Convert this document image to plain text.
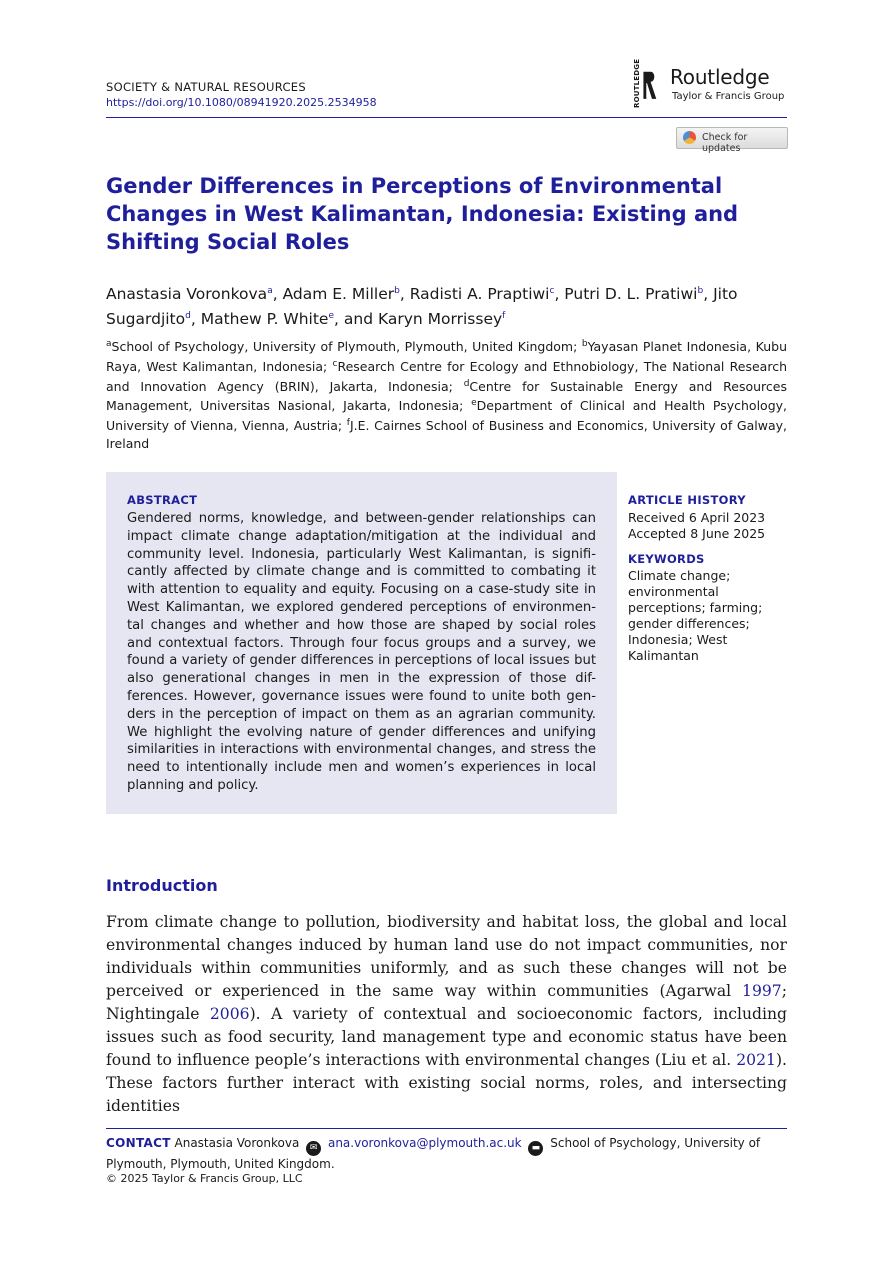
SOCIETY & NATURAL RESOURCES
https://doi.org/10.1080/08941920.2025.2534958	ROUTLEDGE Routledge
Taylor & Francis Group
Check for updates
Gender Differences in Perceptions of Environmental Changes in West Kalimantan, Indonesia: Existing and Shifting Social Roles
Anastasia Voronkova$^a$, Adam E. Miller$^b$, Radisti A. Praptiwi$^c$, Putri D. L. Pratiwi$^b$, Jito Sugardjito$^d$, Mathew P. White$^e$, and Karyn Morrissey$^f$
$^a$School of Psychology, University of Plymouth, Plymouth, United Kingdom; $^b$Yayasan Planet Indonesia, Kubu Raya, West Kalimantan, Indonesia; $^c$Research Centre for Ecology and Ethnobiology, The National Research and Innovation Agency (BRIN), Jakarta, Indonesia; $^d$Centre for Sustainable Energy and Resources Management, Universitas Nasional, Jakarta, Indonesia; $^e$Department of Clinical and Health Psychology, University of Vienna, Vienna, Austria; $^f$J.E. Cairnes School of Business and Economics, University of Galway, Ireland
ABSTRACT
Gendered norms, knowledge, and between-gender relationships can impact climate change adaptation/mitigation at the individual and community level. Indonesia, particularly West Kalimantan, is signifi-cantly affected by climate change and is committed to combating it with attention to equality and equity. Focusing on a case-study site in West Kalimantan, we explored gendered perceptions of environmen-tal changes and whether and how those are shaped by social roles and contextual factors. Through four focus groups and a survey, we found a variety of gender differences in perceptions of local issues but also generational changes in men in the expression of those dif-ferences. However, governance issues were found to unite both gen-ders in the perception of impact on them as an agrarian community. We highlight the evolving nature of gender differences and unifying similarities in interactions with environmental changes, and stress the need to intentionally include men and women’s experiences in local planning and policy.
ARTICLE HISTORY
Received 6 April 2023
Accepted 8 June 2025
KEYWORDS
Climate change; environmental perceptions; farming; gender differences; Indonesia; West Kalimantan
Introduction
From climate change to pollution, biodiversity and habitat loss, the global and local environmental changes induced by human land use do not impact communities, nor individuals within communities uniformly, and as such these changes will not be perceived or experienced in the same way within communities (Agarwal 1997; Nightingale 2006). A variety of contextual and socioeconomic factors, including issues such as food security, land management type and economic status have been found to influence people’s interactions with environmental changes (Liu et al. 2021). These factors further interact with existing social norms, roles, and intersecting identities
CONTACT Anastasia Voronkova ✉ ana.voronkova@plymouth.ac.uk ▬ School of Psychology, University of Plymouth, Plymouth, United Kingdom.
© 2025 Taylor & Francis Group, LLC
